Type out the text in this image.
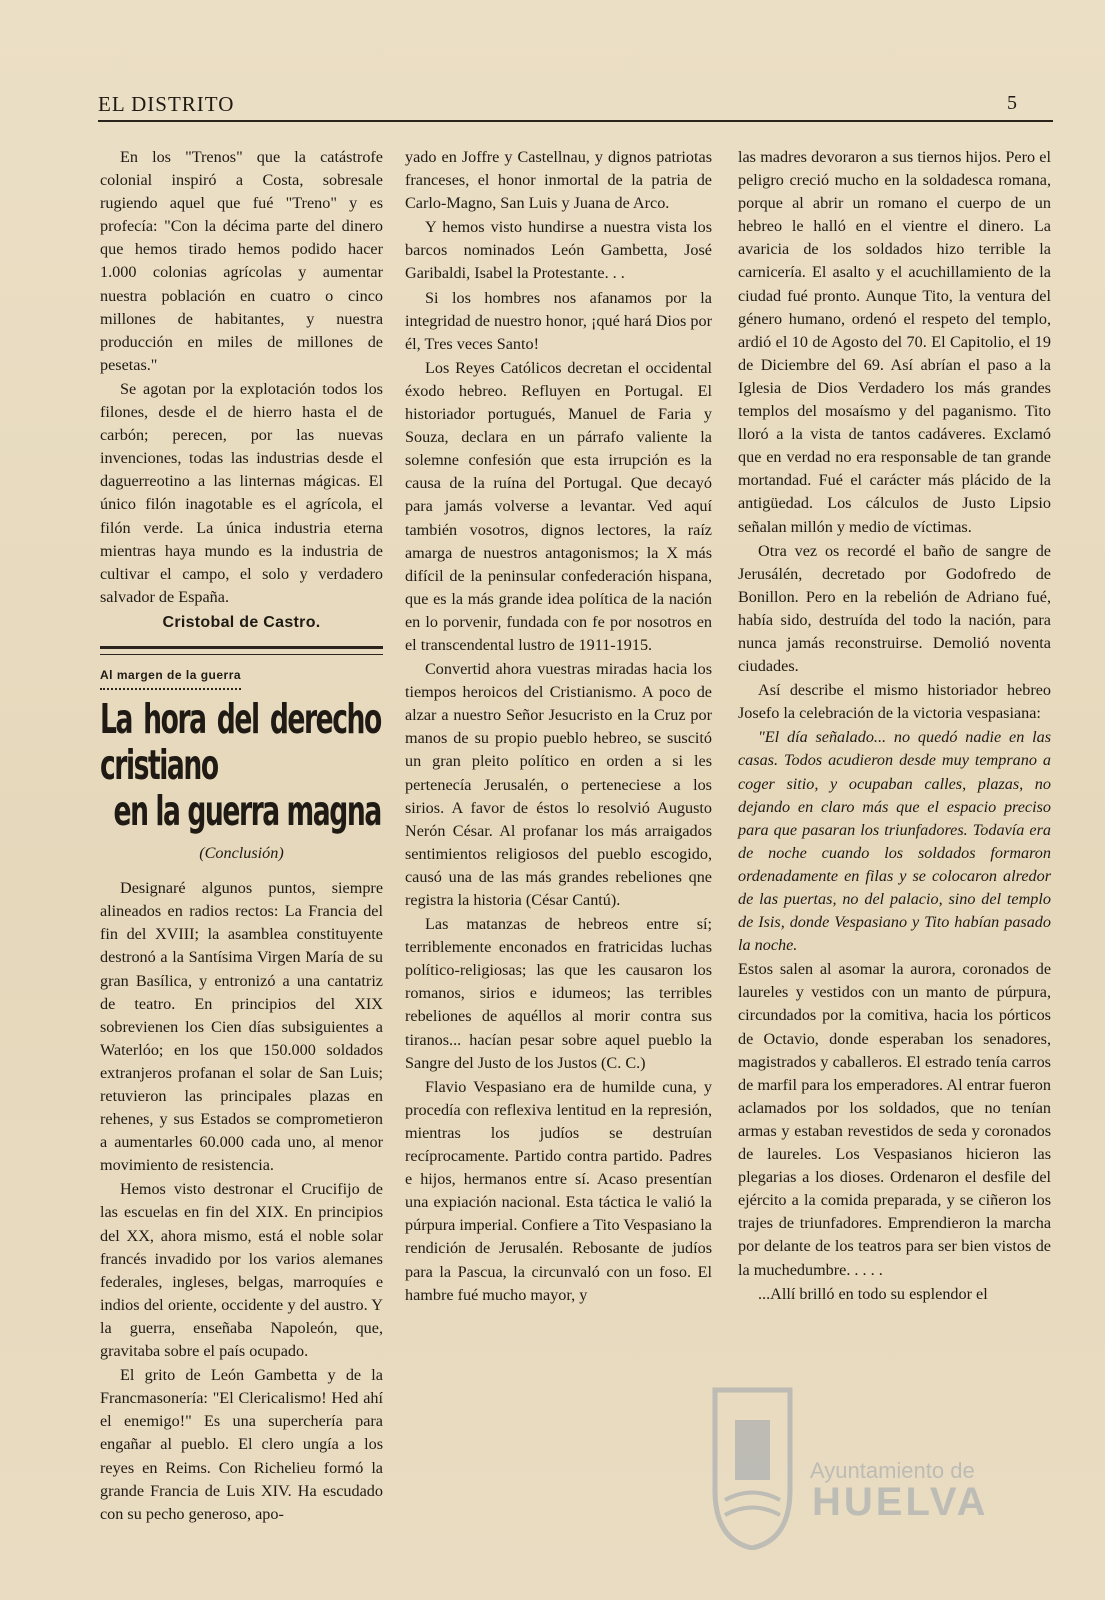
EL DISTRITO	5

En los "Trenos" que la catástrofe colonial inspiró a Costa, sobresale rugiendo aquel que fué "Treno" y es profecía: "Con la décima parte del dinero que hemos tirado hemos podido hacer 1.000 colonias agrícolas y aumentar nuestra población en cuatro o cinco millones de habitantes, y nuestra producción en miles de millones de pesetas."

Se agotan por la explotación todos los filones, desde el de hierro hasta el de carbón; perecen, por las nuevas invenciones, todas las industrias desde el daguerreotino a las linternas mágicas. El único filón inagotable es el agrícola, el filón verde. La única industria eterna mientras haya mundo es la industria de cultivar el campo, el solo y verdadero salvador de España.

Cristobal de Castro.
Al margen de la guerra
La hora del derecho cristiano
en la guerra magna
(Conclusión)

Designaré algunos puntos, siempre alineados en radios rectos: La Francia del fin del XVIII; la asamblea constituyente destronó a la Santísima Virgen María de su gran Basílica, y entronizó a una cantatriz de teatro. En principios del XIX sobrevienen los Cien días subsiguientes a Waterlóo; en los que 150.000 soldados extranjeros profanan el solar de San Luis; retuvieron las principales plazas en rehenes, y sus Estados se comprometieron a aumentarles 60.000 cada uno, al menor movimiento de resistencia.

Hemos visto destronar el Crucifijo de las escuelas en fin del XIX. En principios del XX, ahora mismo, está el noble solar francés invadido por los varios alemanes federales, ingleses, belgas, marroquíes e indios del oriente, occidente y del austro. Y la guerra, enseñaba Napoleón, que, gravitaba sobre el país ocupado.

El grito de León Gambetta y de la Francmasonería: "El Clericalismo! Hed ahí el enemigo!" Es una superchería para engañar al pueblo. El clero ungía a los reyes en Reims. Con Richelieu formó la grande Francia de Luis XIV. Ha escudado con su pecho generoso, apo-

yado en Joffre y Castellnau, y dignos patriotas franceses, el honor inmortal de la patria de Carlo-Magno, San Luis y Juana de Arco.

Y hemos visto hundirse a nuestra vista los barcos nominados León Gambetta, José Garibaldi, Isabel la Protestante. . .

Si los hombres nos afanamos por la integridad de nuestro honor, ¡qué hará Dios por él, Tres veces Santo!

Los Reyes Católicos decretan el occidental éxodo hebreo. Refluyen en Portugal. El historiador portugués, Manuel de Faria y Souza, declara en un párrafo valiente la solemne confesión que esta irrupción es la causa de la ruína del Portugal. Que decayó para jamás volverse a levantar. Ved aquí también vosotros, dignos lectores, la raíz amarga de nuestros antagonismos; la X más difícil de la peninsular confederación hispana, que es la más grande idea política de la nación en lo porvenir, fundada con fe por nosotros en el transcendental lustro de 1911-1915.

Convertid ahora vuestras miradas hacia los tiempos heroicos del Cristianismo. A poco de alzar a nuestro Señor Jesucristo en la Cruz por manos de su propio pueblo hebreo, se suscitó un gran pleito político en orden a si les pertenecía Jerusalén, o perteneciese a los sirios. A favor de éstos lo resolvió Augusto Nerón César. Al profanar los más arraigados sentimientos religiosos del pueblo escogido, causó una de las más grandes rebeliones qne registra la historia (César Cantú).

Las matanzas de hebreos entre sí; terriblemente enconados en fratricidas luchas político-religiosas; las que les causaron los romanos, sirios e idumeos; las terribles rebeliones de aquéllos al morir contra sus tiranos... hacían pesar sobre aquel pueblo la Sangre del Justo de los Justos (C. C.)

Flavio Vespasiano era de humilde cuna, y procedía con reflexiva lentitud en la represión, mientras los judíos se destruían recíprocamente. Partido contra partido. Padres e hijos, hermanos entre sí. Acaso presentían una expiación nacional. Esta táctica le valió la púrpura imperial. Confiere a Tito Vespasiano la rendición de Jerusalén. Rebosante de judíos para la Pascua, la circunvaló con un foso. El hambre fué mucho mayor, y

las madres devoraron a sus tiernos hijos. Pero el peligro creció mucho en la soldadesca romana, porque al abrir un romano el cuerpo de un hebreo le halló en el vientre el dinero. La avaricia de los soldados hizo terrible la carnicería. El asalto y el acuchillamiento de la ciudad fué pronto. Aunque Tito, la ventura del género humano, ordenó el respeto del templo, ardió el 10 de Agosto del 70. El Capitolio, el 19 de Diciembre del 69. Así abrían el paso a la Iglesia de Dios Verdadero los más grandes templos del mosaísmo y del paganismo. Tito lloró a la vista de tantos cadáveres. Exclamó que en verdad no era responsable de tan grande mortandad. Fué el carácter más plácido de la antigüedad. Los cálculos de Justo Lipsio señalan millón y medio de víctimas.

Otra vez os recordé el baño de sangre de Jerusálén, decretado por Godofredo de Bonillon. Pero en la rebelión de Adriano fué, había sido, destruída del todo la nación, para nunca jamás reconstruirse. Demolió noventa ciudades.

Así describe el mismo historiador hebreo Josefo la celebración de la victoria vespasiana:

"El día señalado... no quedó nadie en las casas. Todos acudieron desde muy temprano a coger sitio, y ocupaban calles, plazas, no dejando en claro más que el espacio preciso para que pasaran los triunfadores. Todavía era de noche cuando los soldados formaron ordenadamente en filas y se colocaron alredor de las puertas, no del palacio, sino del templo de Isis, donde Vespasiano y Tito habían pasado la noche.

Estos salen al asomar la aurora, coronados de laureles y vestidos con un manto de púrpura, circundados por la comitiva, hacia los pórticos de Octavio, donde esperaban los senadores, magistrados y caballeros. El estrado tenía carros de marfil para los emperadores. Al entrar fueron aclamados por los soldados, que no tenían armas y estaban revestidos de seda y coronados de laureles. Los Vespasianos hicieron las plegarias a los dioses. Ordenaron el desfile del ejército a la comida preparada, y se ciñeron los trajes de triunfadores. Emprendieron la marcha por delante de los teatros para ser bien vistos de la muchedumbre. . . . .

...Allí brilló en todo su esplendor el

Ayuntamiento de
HUELVA
